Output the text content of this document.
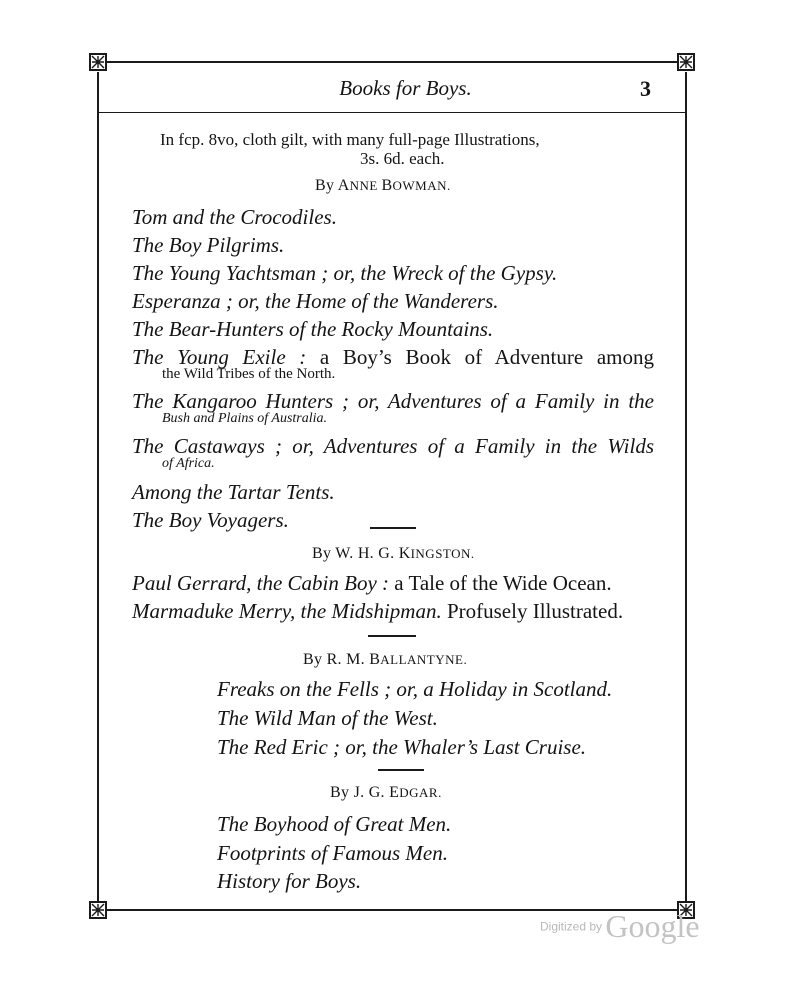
Books for Boys.	3
In fcp. 8vo, cloth gilt, with many full-page Illustrations,
3s. 6d. each.
By ANNE BOWMAN.
Tom and the Crocodiles.
The Boy Pilgrims.
The Young Yachtsman ; or, the Wreck of the Gypsy.
Esperanza ; or, the Home of the Wanderers.
The Bear-Hunters of the Rocky Mountains.
The Young Exile : a Boy’s Book of Adventure among
the Wild Tribes of the North.
The Kangaroo Hunters ; or, Adventures of a Family in the
Bush and Plains of Australia.
The Castaways ; or, Adventures of a Family in the Wilds
of Africa.
Among the Tartar Tents.
The Boy Voyagers.
By W. H. G. KINGSTON.
Paul Gerrard, the Cabin Boy : a Tale of the Wide Ocean.
Marmaduke Merry, the Midshipman. Profusely Illustrated.
By R. M. BALLANTYNE.
Freaks on the Fells ; or, a Holiday in Scotland.
The Wild Man of the West.
The Red Eric ; or, the Whaler’s Last Cruise.
By J. G. EDGAR.
The Boyhood of Great Men.
Footprints of Famous Men.
History for Boys.
Digitized by Google
